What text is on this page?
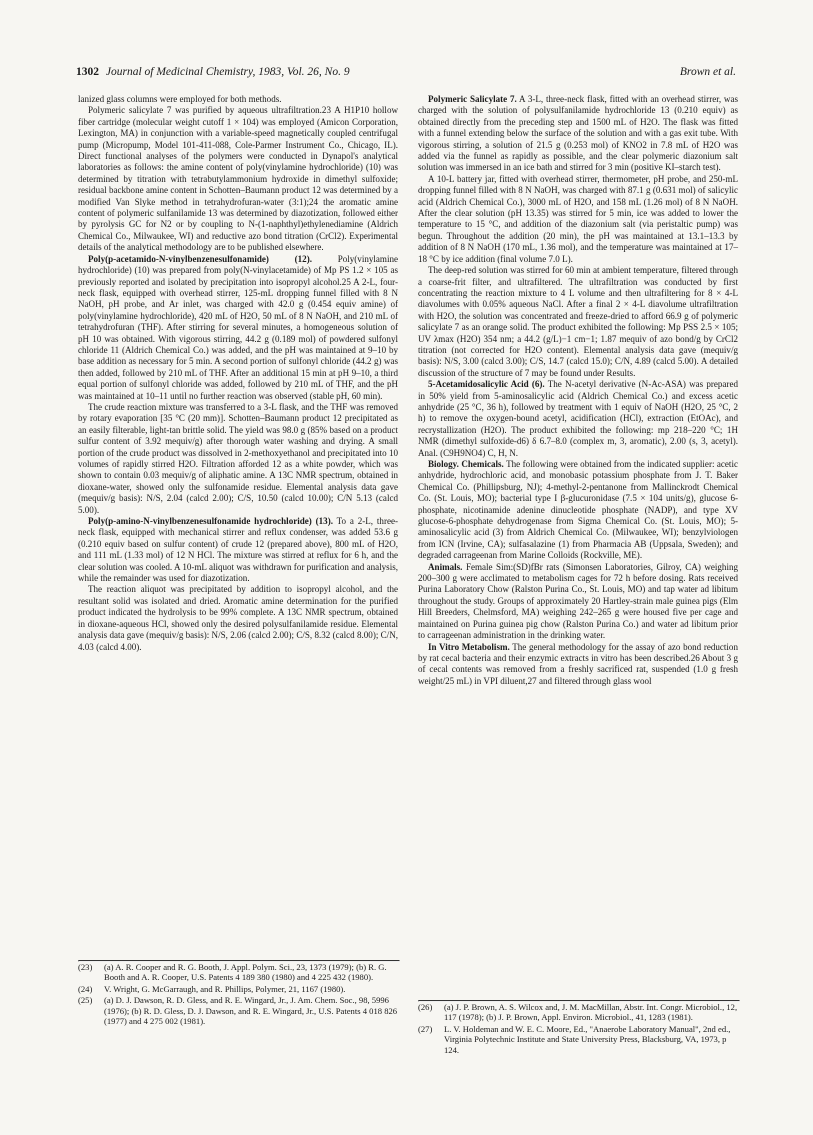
1302 Journal of Medicinal Chemistry, 1983, Vol. 26, No. 9	Brown et al.

lanized glass columns were employed for both methods.

Polymeric salicylate 7 was purified by aqueous ultrafiltration.23 A H1P10 hollow fiber cartridge (molecular weight cutoff 1 × 104) was employed (Amicon Corporation, Lexington, MA) in conjunction with a variable-speed magnetically coupled centrifugal pump (Micropump, Model 101-411-088, Cole-Parmer Instrument Co., Chicago, IL). Direct functional analyses of the polymers were conducted in Dynapol's analytical laboratories as follows: the amine content of poly(vinylamine hydrochloride) (10) was determined by titration with tetrabutylammonium hydroxide in dimethyl sulfoxide; residual backbone amine content in Schotten–Baumann product 12 was determined by a modified Van Slyke method in tetrahydrofuran-water (3:1);24 the aromatic amine content of polymeric sulfanilamide 13 was determined by diazotization, followed either by pyrolysis GC for N2 or by coupling to N-(1-naphthyl)ethylenediamine (Aldrich Chemical Co., Milwaukee, WI) and reductive azo bond titration (CrCl2). Experimental details of the analytical methodology are to be published elsewhere.

Poly(p-acetamido-N-vinylbenzenesulfonamide) (12).	Poly(vinylamine hydrochloride) (10) was prepared from poly(N-vinylacetamide) of Mp PS 1.2 × 105 as previously reported and isolated by precipitation into isopropyl alcohol.25 A 2-L, four-neck flask, equipped with overhead stirrer, 125-mL dropping funnel filled with 8 N NaOH, pH probe, and Ar inlet, was charged with 42.0 g (0.454 equiv amine) of poly(vinylamine hydrochloride), 420 mL of H2O, 50 mL of 8 N NaOH, and 210 mL of tetrahydrofuran (THF). After stirring for several minutes, a homogeneous solution of pH 10 was obtained. With vigorous stirring, 44.2 g (0.189 mol) of powdered sulfonyl chloride 11 (Aldrich Chemical Co.) was added, and the pH was maintained at 9–10 by base addition as necessary for 5 min. A second portion of sulfonyl chloride (44.2 g) was then added, followed by 210 mL of THF. After an additional 15 min at pH 9–10, a third equal portion of sulfonyl chloride was added, followed by 210 mL of THF, and the pH was maintained at 10–11 until no further reaction was observed (stable pH, 60 min).

The crude reaction mixture was transferred to a 3-L flask, and the THF was removed by rotary evaporation [35 °C (20 mm)]. Schotten–Baumann product 12 precipitated as an easily filterable, light-tan brittle solid. The yield was 98.0 g (85% based on a product sulfur content of 3.92 mequiv/g) after thorough water washing and drying. A small portion of the crude product was dissolved in 2-methoxyethanol and precipitated into 10 volumes of rapidly stirred H2O. Filtration afforded 12 as a white powder, which was shown to contain 0.03 mequiv/g of aliphatic amine. A 13C NMR spectrum, obtained in dioxane-water, showed only the sulfonamide residue. Elemental analysis data gave (mequiv/g basis): N/S, 2.04 (calcd 2.00); C/S, 10.50 (calcd 10.00); C/N 5.13 (calcd 5.00).

Poly(p-amino-N-vinylbenzenesulfonamide hydrochloride) (13). To a 2-L, three-neck flask, equipped with mechanical stirrer and reflux condenser, was added 53.6 g (0.210 equiv based on sulfur content) of crude 12 (prepared above), 800 mL of H2O, and 111 mL (1.33 mol) of 12 N HCl. The mixture was stirred at reflux for 6 h, and the clear solution was cooled. A 10-mL aliquot was withdrawn for purification and analysis, while the remainder was used for diazotization.

The reaction aliquot was precipitated by addition to isopropyl alcohol, and the resultant solid was isolated and dried. Aromatic amine determination for the purified product indicated the hydrolysis to be 99% complete. A 13C NMR spectrum, obtained in dioxane-aqueous HCl, showed only the desired polysulfanilamide residue. Elemental analysis data gave (mequiv/g basis): N/S, 2.06 (calcd 2.00); C/S, 8.32 (calcd 8.00); C/N, 4.03 (calcd 4.00).

Polymeric Salicylate 7. A 3-L, three-neck flask, fitted with an overhead stirrer, was charged with the solution of polysulfanilamide hydrochloride 13 (0.210 equiv) as obtained directly from the preceding step and 1500 mL of H2O. The flask was fitted with a funnel extending below the surface of the solution and with a gas exit tube. With vigorous stirring, a solution of 21.5 g (0.253 mol) of KNO2 in 7.8 mL of H2O was added via the funnel as rapidly as possible, and the clear polymeric diazonium salt solution was immersed in an ice bath and stirred for 3 min (positive KI–starch test).

A 10-L battery jar, fitted with overhead stirrer, thermometer, pH probe, and 250-mL dropping funnel filled with 8 N NaOH, was charged with 87.1 g (0.631 mol) of salicylic acid (Aldrich Chemical Co.), 3000 mL of H2O, and 158 mL (1.26 mol) of 8 N NaOH. After the clear solution (pH 13.35) was stirred for 5 min, ice was added to lower the temperature to 15 °C, and addition of the diazonium salt (via peristaltic pump) was begun. Throughout the addition (20 min), the pH was maintained at 13.1–13.3 by addition of 8 N NaOH (170 mL, 1.36 mol), and the temperature was maintained at 17–18 °C by ice addition (final volume 7.0 L).

The deep-red solution was stirred for 60 min at ambient temperature, filtered through a coarse-frit filter, and ultrafiltered. The ultrafiltration was conducted by first concentrating the reaction mixture to 4 L volume and then ultrafiltering for 8 × 4-L diavolumes with 0.05% aqueous NaCl. After a final 2 × 4-L diavolume ultrafiltration with H2O, the solution was concentrated and freeze-dried to afford 66.9 g of polymeric salicylate 7 as an orange solid. The product exhibited the following: Mp PSS 2.5 × 105; UV λmax (H2O) 354 nm; a 44.2 (g/L)−1 cm−1; 1.87 mequiv of azo bond/g by CrCl2 titration (not corrected for H2O content). Elemental analysis data gave (mequiv/g basis): N/S, 3.00 (calcd 3.00); C/S, 14.7 (calcd 15.0); C/N, 4.89 (calcd 5.00). A detailed discussion of the structure of 7 may be found under Results.

5-Acetamidosalicylic Acid (6). The N-acetyl derivative (N-Ac-ASA) was prepared in 50% yield from 5-aminosalicylic acid (Aldrich Chemical Co.) and excess acetic anhydride (25 °C, 36 h), followed by treatment with 1 equiv of NaOH (H2O, 25 °C, 2 h) to remove the oxygen-bound acetyl, acidification (HCl), extraction (EtOAc), and recrystallization (H2O). The product exhibited the following: mp 218–220 °C; 1H NMR (dimethyl sulfoxide-d6) δ 6.7–8.0 (complex m, 3, aromatic), 2.00 (s, 3, acetyl). Anal. (C9H9NO4) C, H, N.

Biology. Chemicals. The following were obtained from the indicated supplier: acetic anhydride, hydrochloric acid, and monobasic potassium phosphate from J. T. Baker Chemical Co. (Phillipsburg, NJ); 4-methyl-2-pentanone from Mallinckrodt Chemical Co. (St. Louis, MO); bacterial type I β-glucuronidase (7.5 × 104 units/g), glucose 6-phosphate, nicotinamide adenine dinucleotide phosphate (NADP), and type XV glucose-6-phosphate dehydrogenase from Sigma Chemical Co. (St. Louis, MO); 5-aminosalicylic acid (3) from Aldrich Chemical Co. (Milwaukee, WI); benzylviologen from ICN (Irvine, CA); sulfasalazine (1) from Pharmacia AB (Uppsala, Sweden); and degraded carrageenan from Marine Colloids (Rockville, ME).

Animals. Female Sim:(SD)fBr rats (Simonsen Laboratories, Gilroy, CA) weighing 200–300 g were acclimated to metabolism cages for 72 h before dosing. Rats received Purina Laboratory Chow (Ralston Purina Co., St. Louis, MO) and tap water ad libitum throughout the study. Groups of approximately 20 Hartley-strain male guinea pigs (Elm Hill Breeders, Chelmsford, MA) weighing 242–265 g were housed five per cage and maintained on Purina guinea pig chow (Ralston Purina Co.) and water ad libitum prior to carrageenan administration in the drinking water.

In Vitro Metabolism. The general methodology for the assay of azo bond reduction by rat cecal bacteria and their enzymic extracts in vitro has been described.26 About 3 g of cecal contents was removed from a freshly sacrificed rat, suspended (1.0 g fresh weight/25 mL) in VPI diluent,27 and filtered through glass wool

(23) (a) A. R. Cooper and R. G. Booth, J. Appl. Polym. Sci., 23, 1373 (1979); (b) R. G. Booth and A. R. Cooper, U.S. Patents 4 189 380 (1980) and 4 225 432 (1980).
(24) V. Wright, G. McGarraugh, and R. Phillips, Polymer, 21, 1167 (1980).
(25) (a) D. J. Dawson, R. D. Gless, and R. E. Wingard, Jr., J. Am. Chem. Soc., 98, 5996 (1976); (b) R. D. Gless, D. J. Dawson, and R. E. Wingard, Jr., U.S. Patents 4 018 826 (1977) and 4 275 002 (1981).
(26) (a) J. P. Brown, A. S. Wilcox and, J. M. MacMillan, Abstr. Int. Congr. Microbiol., 12, 117 (1978); (b) J. P. Brown, Appl. Environ. Microbiol., 41, 1283 (1981).
(27) L. V. Holdeman and W. E. C. Moore, Ed., "Anaerobe Laboratory Manual", 2nd ed., Virginia Polytechnic Institute and State University Press, Blacksburg, VA, 1973, p 124.
